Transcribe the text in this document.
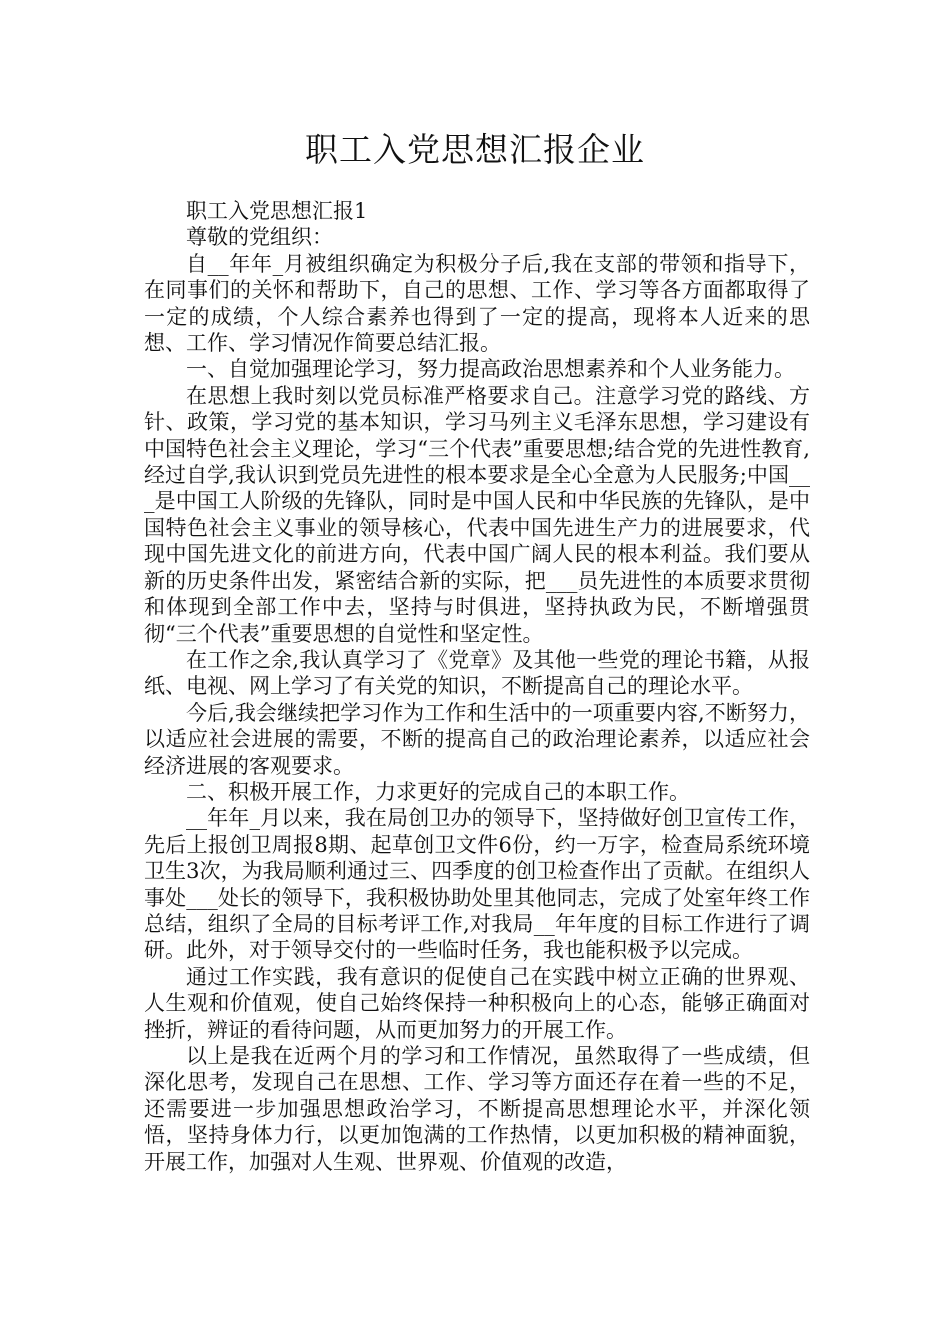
职工入党思想汇报企业

职工入党思想汇报1

尊敬的党组织：

自__年年_月被组织确定为积极分子后,我在支部的带领和指导下，在同事们的关怀和帮助下，自己的思想、工作、学习等各方面都取得了一定的成绩，个人综合素养也得到了一定的提高，现将本人近来的思想、工作、学习情况作简要总结汇报。

一、自觉加强理论学习，努力提高政治思想素养和个人业务能力。

在思想上我时刻以党员标准严格要求自己。注意学习党的路线、方针、政策，学习党的基本知识，学习马列主义毛泽东思想，学习建设有中国特色社会主义理论，学习“三个代表”重要思想;结合党的先进性教育,经过自学,我认识到党员先进性的根本要求是全心全意为人民服务;中国___是中国工人阶级的先锋队，同时是中国人民和中华民族的先锋队，是中国特色社会主义事业的领导核心，代表中国先进生产力的进展要求，代现中国先进文化的前进方向，代表中国广阔人民的根本利益。我们要从新的历史条件出发，紧密结合新的实际，把___员先进性的本质要求贯彻和体现到全部工作中去，坚持与时俱进，坚持执政为民，不断增强贯彻“三个代表”重要思想的自觉性和坚定性。

在工作之余,我认真学习了《党章》及其他一些党的理论书籍，从报纸、电视、网上学习了有关党的知识，不断提高自己的理论水平。

今后,我会继续把学习作为工作和生活中的一项重要内容,不断努力，以适应社会进展的需要，不断的提高自己的政治理论素养，以适应社会经济进展的客观要求。

二、积极开展工作，力求更好的完成自己的本职工作。

__年年_月以来，我在局创卫办的领导下，坚持做好创卫宣传工作，先后上报创卫周报8期、起草创卫文件6份，约一万字，检查局系统环境卫生3次，为我局顺利通过三、四季度的创卫检查作出了贡献。在组织人事处___处长的领导下，我积极协助处里其他同志，完成了处室年终工作总结，组织了全局的目标考评工作,对我局__年年度的目标工作进行了调研。此外，对于领导交付的一些临时任务，我也能积极予以完成。

通过工作实践，我有意识的促使自己在实践中树立正确的世界观、人生观和价值观，使自己始终保持一种积极向上的心态，能够正确面对挫折，辨证的看待问题，从而更加努力的开展工作。

以上是我在近两个月的学习和工作情况，虽然取得了一些成绩，但深化思考，发现自己在思想、工作、学习等方面还存在着一些的不足，还需要进一步加强思想政治学习，不断提高思想理论水平，并深化领悟，坚持身体力行，以更加饱满的工作热情，以更加积极的精神面貌，开展工作，加强对人生观、世界观、价值观的改造，
